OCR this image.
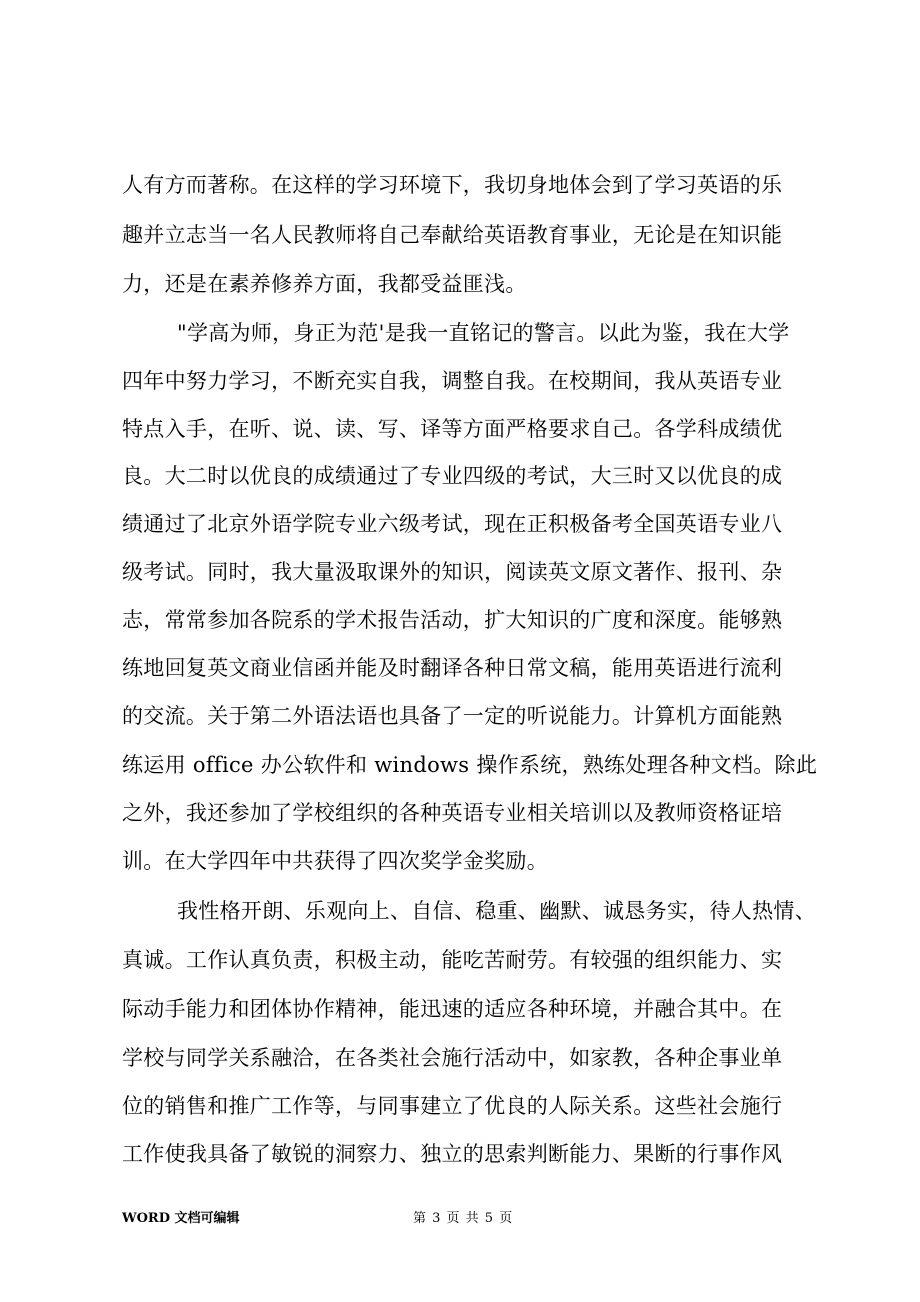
人有方而著称。在这样的学习环境下，我切身地体会到了学习英语的乐
趣并立志当一名人民教师将自己奉献给英语教育事业，无论是在知识能
力，还是在素养修养方面，我都受益匪浅。
"学高为师，身正为范'是我一直铭记的警言。以此为鉴，我在大学
四年中努力学习，不断充实自我，调整自我。在校期间，我从英语专业
特点入手，在听、说、读、写、译等方面严格要求自己。各学科成绩优
良。大二时以优良的成绩通过了专业四级的考试，大三时又以优良的成
绩通过了北京外语学院专业六级考试，现在正积极备考全国英语专业八
级考试。同时，我大量汲取课外的知识，阅读英文原文著作、报刊、杂
志，常常参加各院系的学术报告活动，扩大知识的广度和深度。能够熟
练地回复英文商业信函并能及时翻译各种日常文稿，能用英语进行流利
的交流。关于第二外语法语也具备了一定的听说能力。计算机方面能熟
练运用 office 办公软件和 windows 操作系统，熟练处理各种文档。除此
之外，我还参加了学校组织的各种英语专业相关培训以及教师资格证培
训。在大学四年中共获得了四次奖学金奖励。
我性格开朗、乐观向上、自信、稳重、幽默、诚恳务实，待人热情、
真诚。工作认真负责，积极主动，能吃苦耐劳。有较强的组织能力、实
际动手能力和团体协作精神，能迅速的适应各种环境，并融合其中。在
学校与同学关系融洽，在各类社会施行活动中，如家教，各种企事业单
位的销售和推广工作等，与同事建立了优良的人际关系。这些社会施行
工作使我具备了敏锐的洞察力、独立的思索判断能力、果断的行事作风
WORD 文档可编辑	第 3 页 共 5 页
